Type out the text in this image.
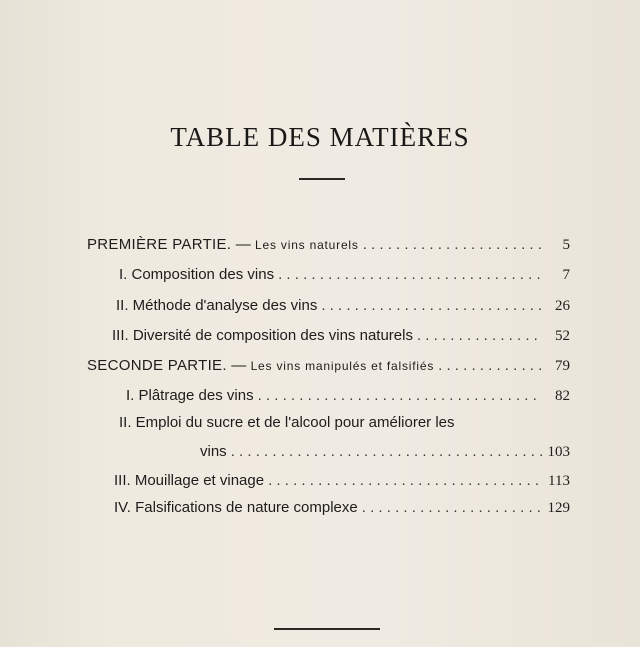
TABLE DES MATIÈRES
PREMIÈRE PARTIE. — Les vins naturels . . .	5
I. Composition des vins . . .	7
II. Méthode d'analyse des vins . . .	26
III. Diversité de composition des vins naturels . . .	52
SECONDE PARTIE. — Les vins manipulés et falsifiés . . .	79
I. Plâtrage des vins . . .	82
II. Emploi du sucre et de l'alcool pour améliorer les
vins . . .	103
III. Mouillage et vinage . . .	113
IV. Falsifications de nature complexe . . .	129
